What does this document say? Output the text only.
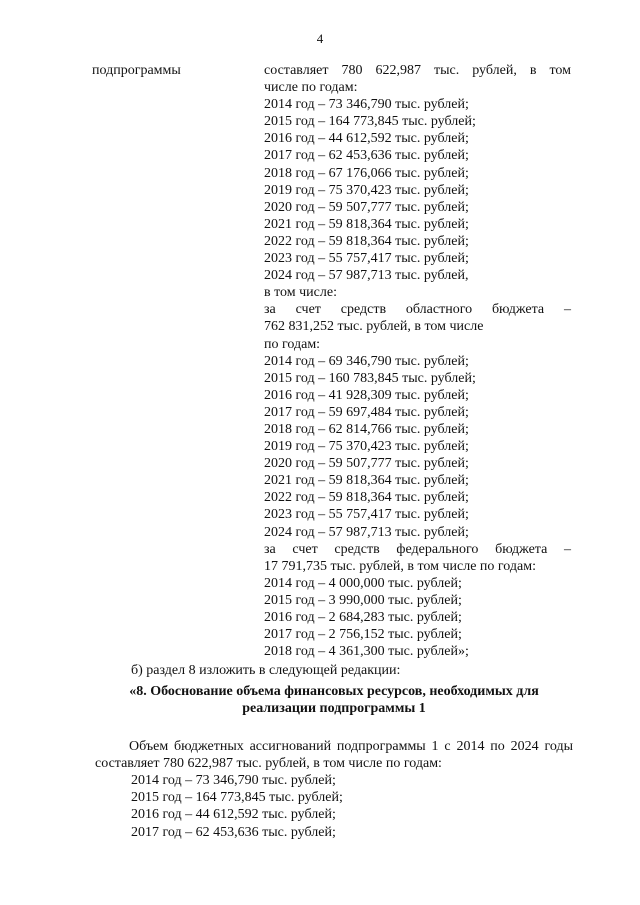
4
подпрограммы	составляет 780 622,987 тыс. рублей, в том
числе по годам:
2014 год – 73 346,790 тыс. рублей;
2015 год – 164 773,845 тыс. рублей;
2016 год – 44 612,592 тыс. рублей;
2017 год – 62 453,636 тыс. рублей;
2018 год – 67 176,066 тыс. рублей;
2019 год – 75 370,423 тыс. рублей;
2020 год – 59 507,777 тыс. рублей;
2021 год – 59 818,364 тыс. рублей;
2022 год – 59 818,364 тыс. рублей;
2023 год – 55 757,417 тыс. рублей;
2024 год – 57 987,713 тыс. рублей,
в том числе:
за счет средств областного бюджета –
762 831,252 тыс. рублей, в том числе
по годам:
2014 год – 69 346,790 тыс. рублей;
2015 год – 160 783,845 тыс. рублей;
2016 год – 41 928,309 тыс. рублей;
2017 год – 59 697,484 тыс. рублей;
2018 год – 62 814,766 тыс. рублей;
2019 год – 75 370,423 тыс. рублей;
2020 год – 59 507,777 тыс. рублей;
2021 год – 59 818,364 тыс. рублей;
2022 год – 59 818,364 тыс. рублей;
2023 год – 55 757,417 тыс. рублей;
2024 год – 57 987,713 тыс. рублей;
за счет средств федерального бюджета –
17 791,735 тыс. рублей, в том числе по годам:
2014 год – 4 000,000 тыс. рублей;
2015 год – 3 990,000 тыс. рублей;
2016 год – 2 684,283 тыс. рублей;
2017 год – 2 756,152 тыс. рублей;
2018 год – 4 361,300 тыс. рублей»;
б) раздел 8 изложить в следующей редакции:
«8. Обоснование объема финансовых ресурсов, необходимых для
реализации подпрограммы 1
Объем бюджетных ассигнований подпрограммы 1 с 2014 по 2024 годы составляет 780 622,987 тыс. рублей, в том числе по годам:
2014 год – 73 346,790 тыс. рублей;
2015 год – 164 773,845 тыс. рублей;
2016 год – 44 612,592 тыс. рублей;
2017 год – 62 453,636 тыс. рублей;
